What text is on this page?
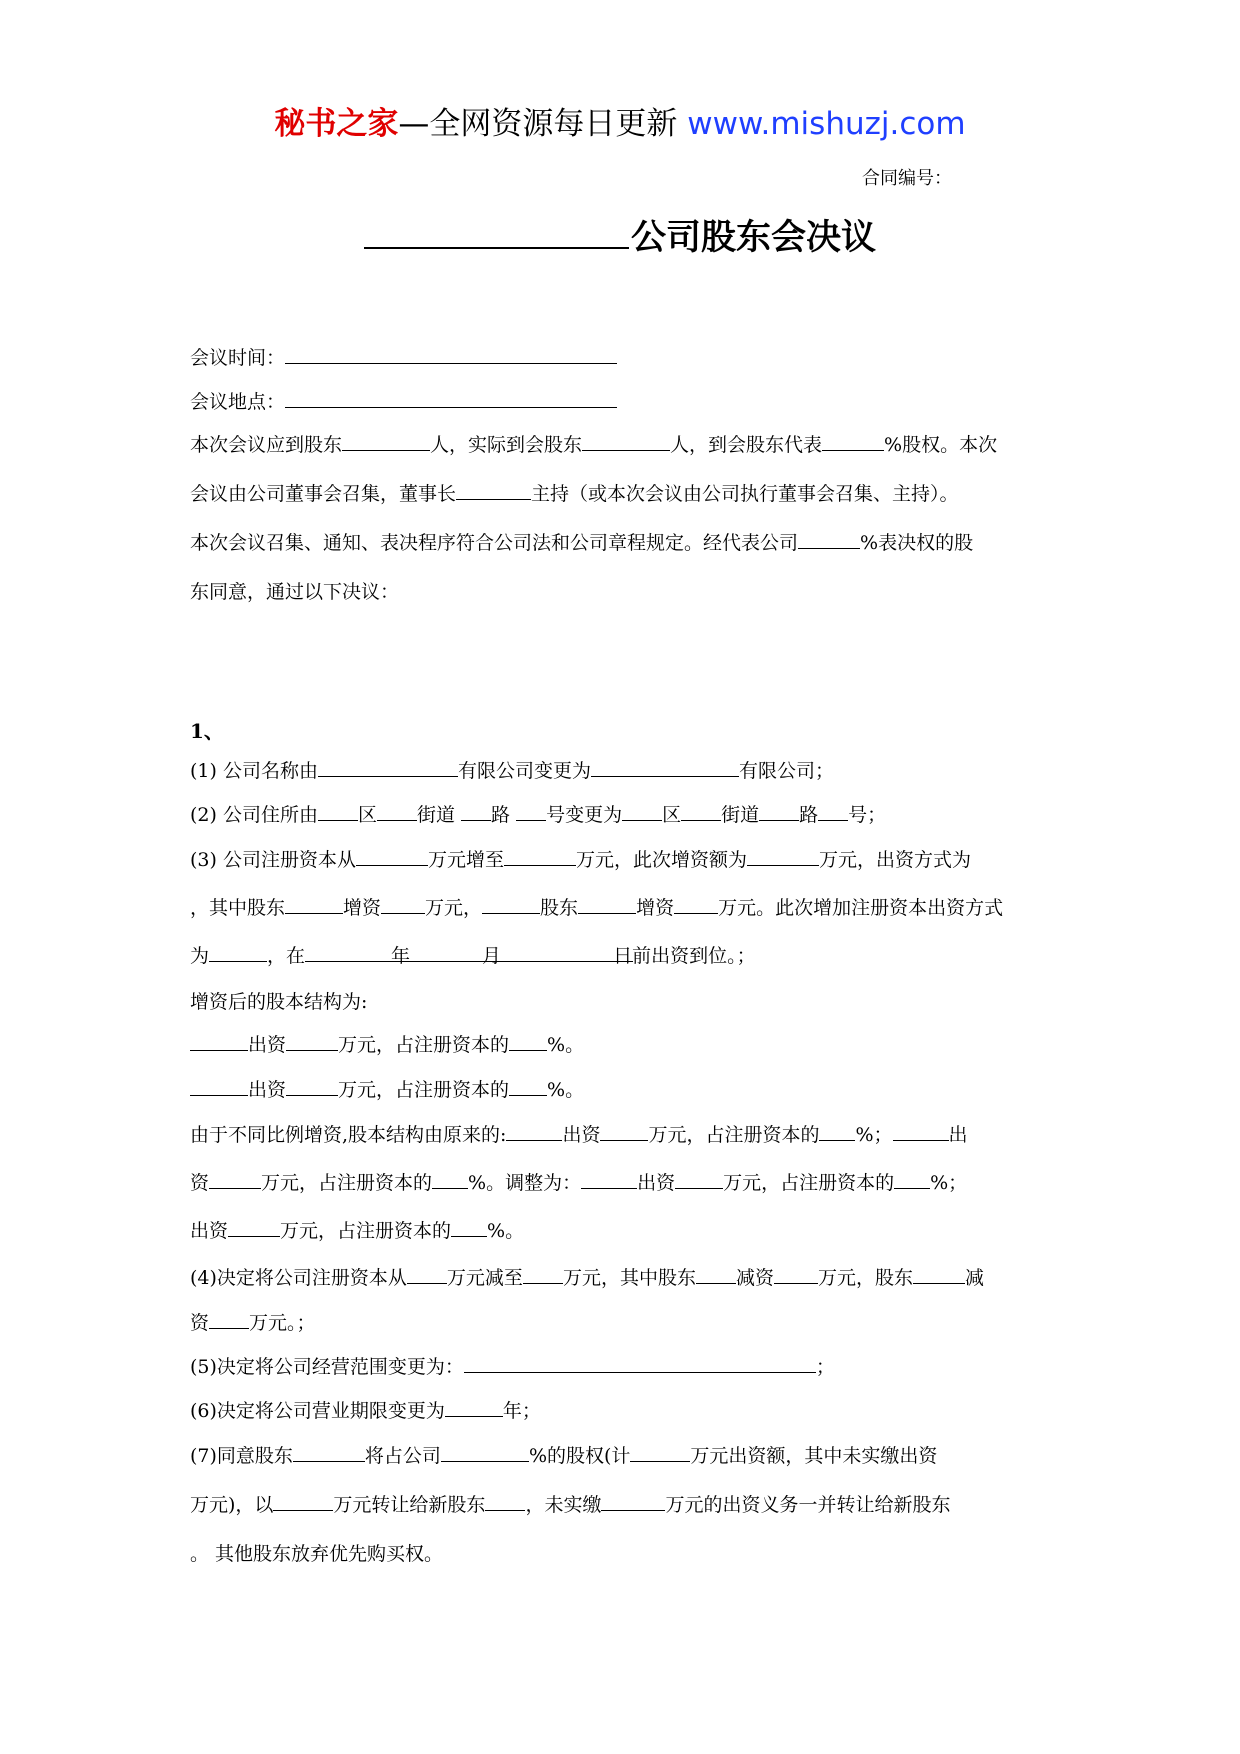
秘书之家—全网资源每日更新 www.mishuzj.com
合同编号：
公司股东会决议
会议时间：
会议地点：
本次会议应到股东	人，实际到会股东	人，到会股东代表	%股权。本次
会议由公司董事会召集，董事长	主持（或本次会议由公司执行董事会召集、主持）。
本次会议召集、通知、表决程序符合公司法和公司章程规定。经代表公司	%表决权的股
东同意，通过以下决议：
1、
(1) 公司名称由	有限公司变更为	有限公司；
(2) 公司住所由 区 街道 路 号变更为 区 街道 路 号；
(3) 公司注册资本从	万元增至	万元，此次增资额为	万元，出资方式为
，其中股东	增资 万元，	股东	增资 万元。此次增加注册资本出资方式
为	，在	年	月	日前出资到位。；
增资后的股本结构为:
出资	万元，占注册资本的 %。
出资	万元，占注册资本的 %。
由于不同比例增资,股本结构由原来的:	出资	万元，占注册资本的 %；	出
资	万元，占注册资本的 %。调整为：	出资	万元，占注册资本的 %；
出资	万元，占注册资本的 %。
(4)决定将公司注册资本从 万元减至 万元，其中股东 减资 万元，股东	减
资 万元。；
(5)决定将公司经营范围变更为：	；
(6)决定将公司营业期限变更为	年；
(7)同意股东	将占公司	%的股权(计	万元出资额，其中未实缴出资
万元)，以	万元转让给新股东 ，未实缴	万元的出资义务一并转让给新股东
。 其他股东放弃优先购买权。
